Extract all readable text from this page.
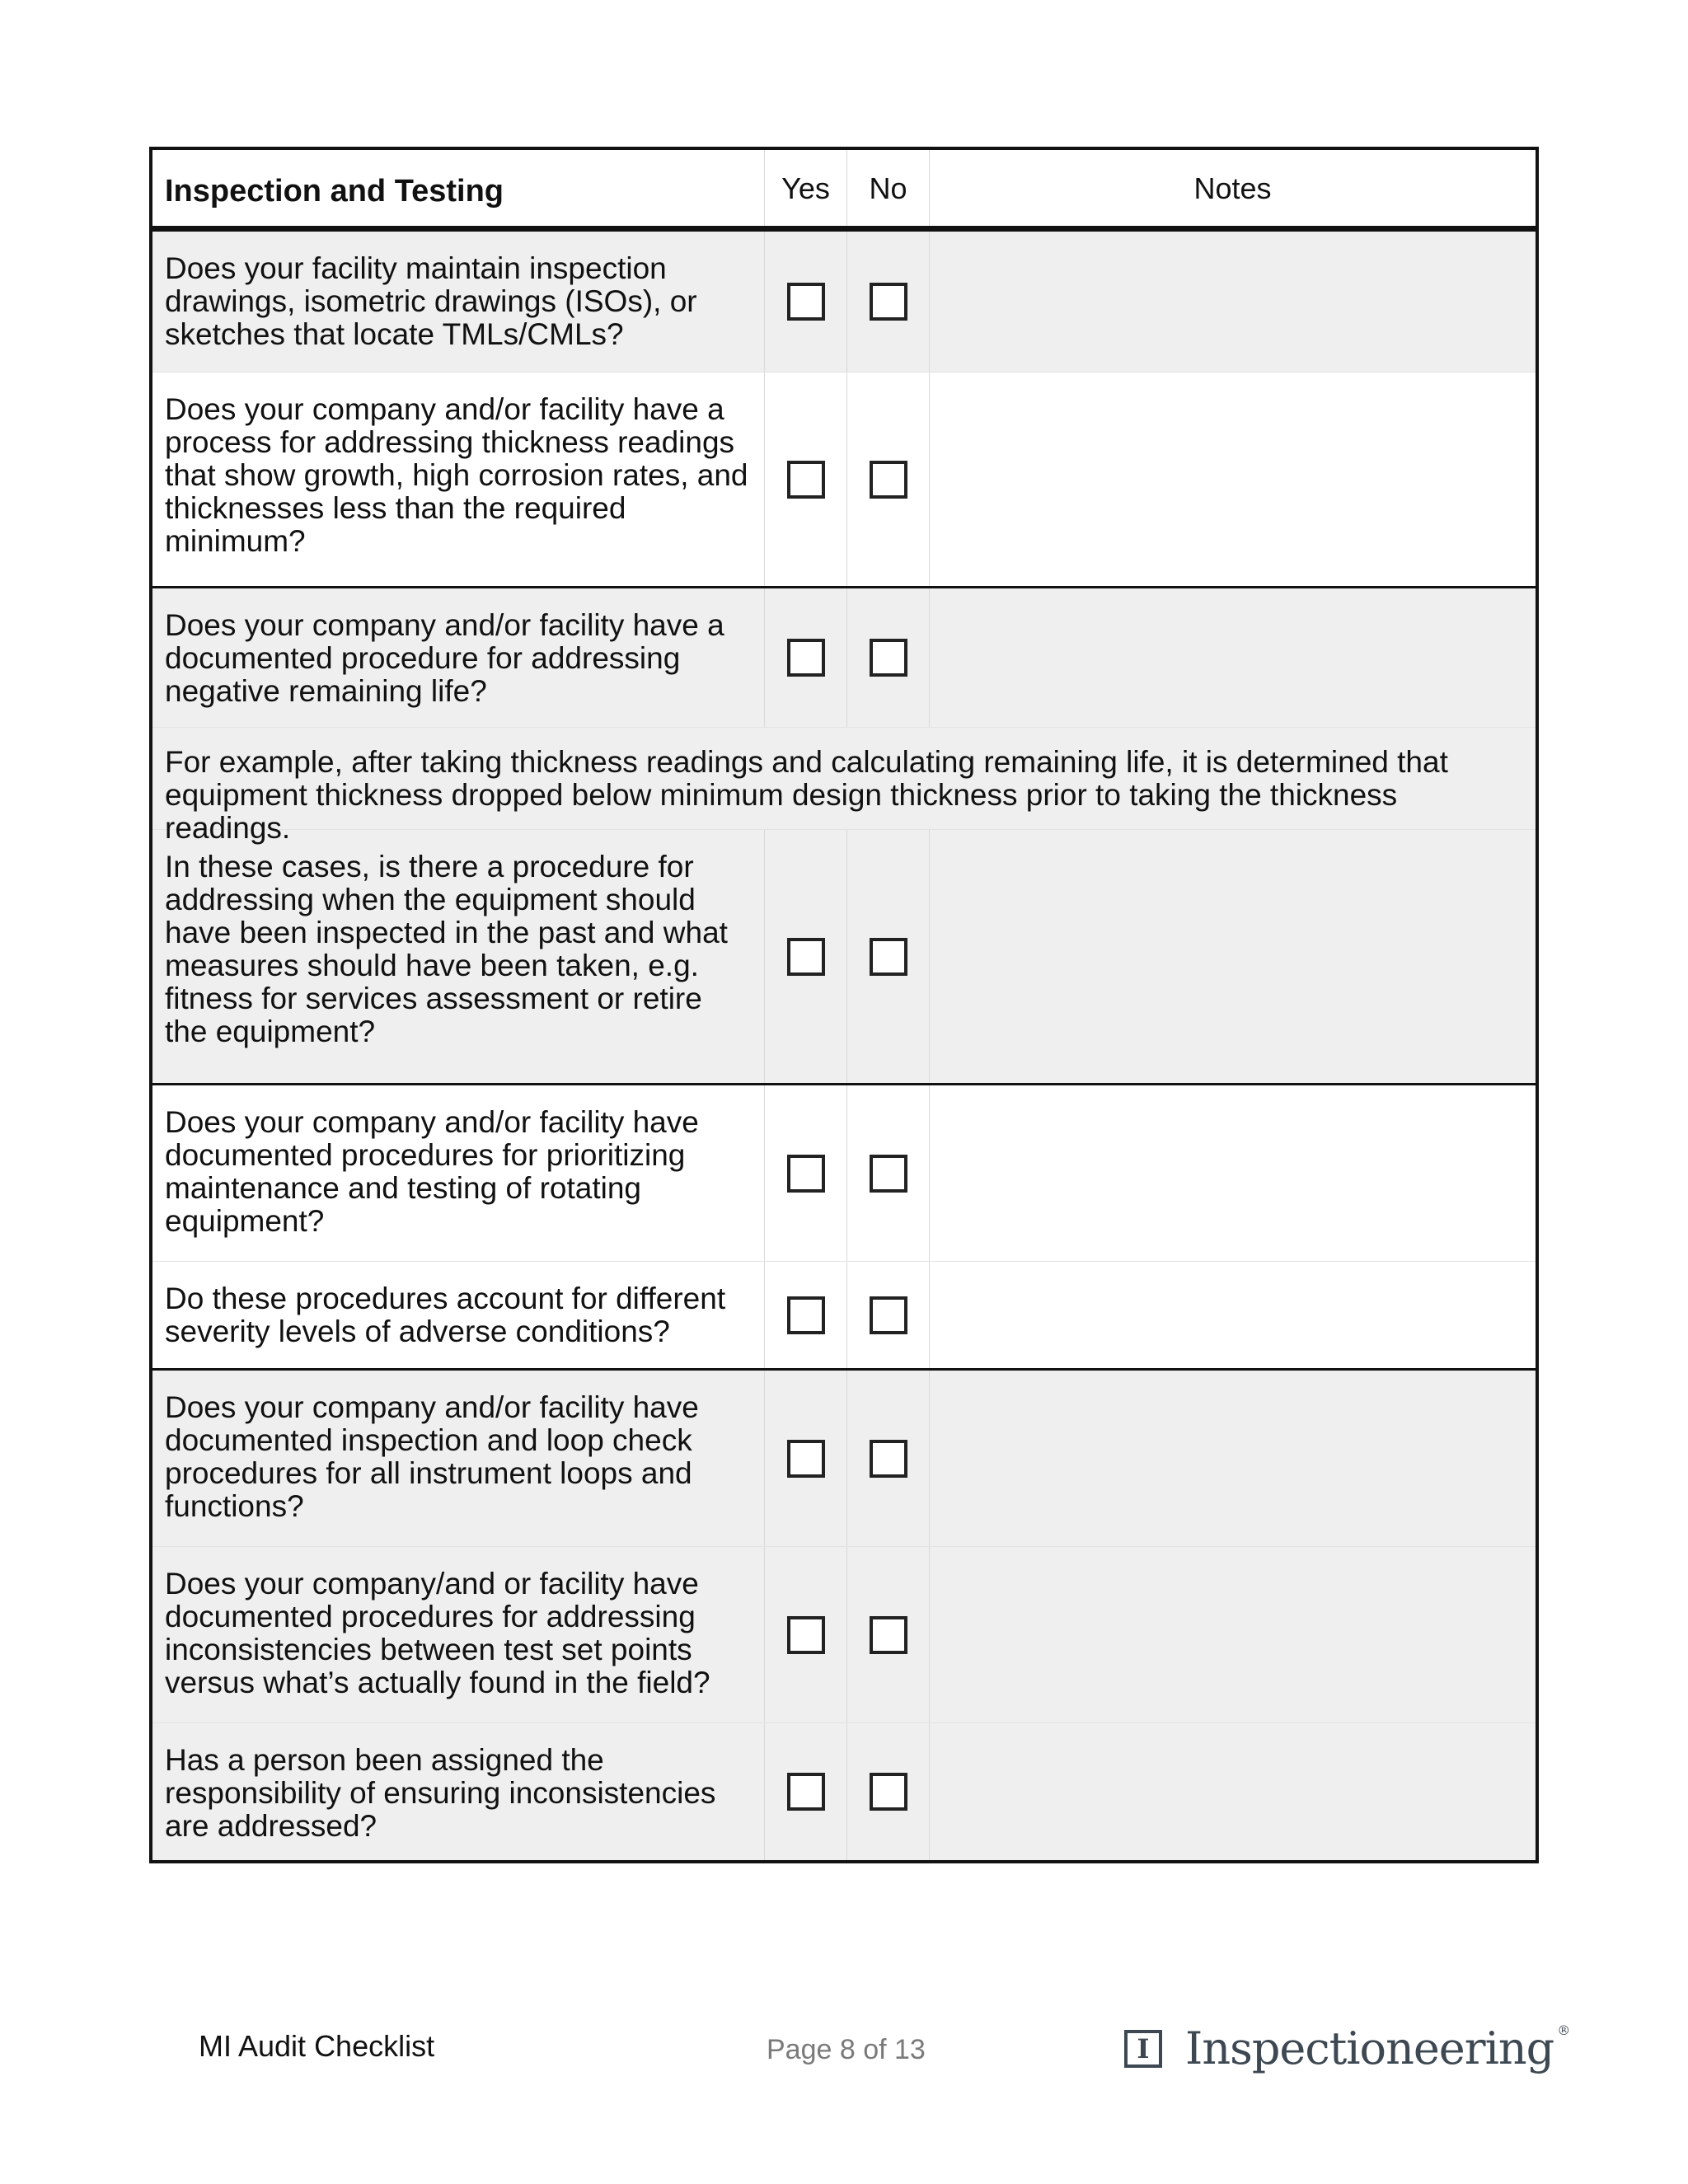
Inspection and Testing	Yes	No	Notes
Does your facility maintain inspection drawings, isometric drawings (ISOs), or sketches that locate TMLs/CMLs?
Does your company and/or facility have a process for addressing thickness readings that show growth, high corrosion rates, and thicknesses less than the required minimum?
Does your company and/or facility have a documented procedure for addressing negative remaining life?
For example, after taking thickness readings and calculating remaining life, it is determined that equipment thickness dropped below minimum design thickness prior to taking the thickness readings.
In these cases, is there a procedure for addressing when the equipment should have been inspected in the past and what measures should have been taken, e.g. fitness for services assessment or retire the equipment?
Does your company and/or facility have documented procedures for prioritizing maintenance and testing of rotating equipment?
Do these procedures account for different severity levels of adverse conditions?
Does your company and/or facility have documented inspection and loop check procedures for all instrument loops and functions?
Does your company/and or facility have documented procedures for addressing inconsistencies between test set points versus what’s actually found in the field?
Has a person been assigned the responsibility of ensuring inconsistencies are addressed?
MI Audit Checklist	Page 8 of 13	I Inspectioneering ®
